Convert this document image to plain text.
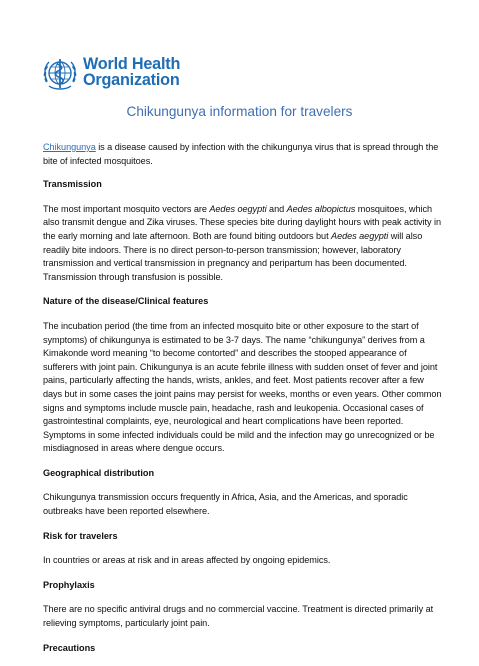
World Health
Organization
Chikungunya information for travelers

Chikungunya is a disease caused by infection with the chikungunya virus that is spread through the bite of infected mosquitoes.

Transmission

The most important mosquito vectors are Aedes oegypti and Aedes albopictus mosquitoes, which also transmit dengue and Zika viruses. These species bite during daylight hours with peak activity in the early morning and late afternoon. Both are found biting outdoors but Aedes aegypti will also readily bite indoors. There is no direct person-to-person transmission; however, laboratory transmission and vertical transmission in pregnancy and peripartum has been documented. Transmission through transfusion is possible.

Nature of the disease/Clinical features

The incubation period (the time from an infected mosquito bite or other exposure to the start of symptoms) of chikungunya is estimated to be 3-7 days. The name “chikungunya” derives from a Kimakonde word meaning “to become contorted” and describes the stooped appearance of sufferers with joint pain. Chikungunya is an acute febrile illness with sudden onset of fever and joint pains, particularly affecting the hands, wrists, ankles, and feet. Most patients recover after a few days but in some cases the joint pains may persist for weeks, months or even years. Other common signs and symptoms include muscle pain, headache, rash and leukopenia. Occasional cases of gastrointestinal complaints, eye, neurological and heart complications have been reported. Symptoms in some infected individuals could be mild and the infection may go unrecognized or be misdiagnosed in areas where dengue occurs.

Geographical distribution

Chikungunya transmission occurs frequently in Africa, Asia, and the Americas, and sporadic outbreaks have been reported elsewhere.

Risk for travelers

In countries or areas at risk and in areas affected by ongoing epidemics.

Prophylaxis

There are no specific antiviral drugs and no commercial vaccine. Treatment is directed primarily at relieving symptoms, particularly joint pain.

Precautions
